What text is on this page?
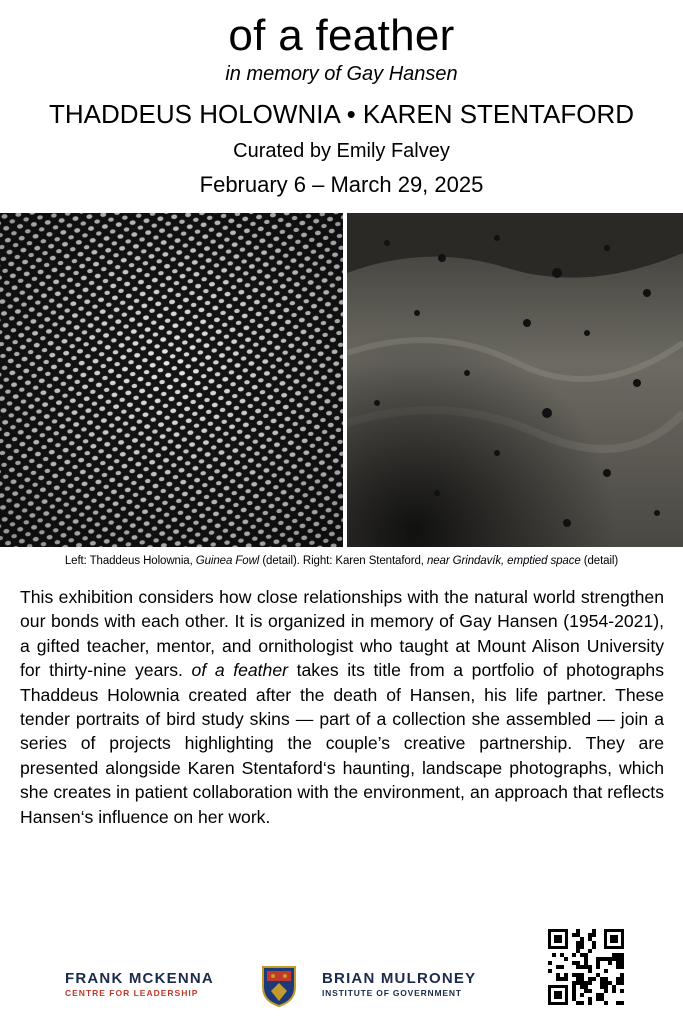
of a feather
in memory of Gay Hansen
THADDEUS HOLOWNIA • KAREN STENTAFORD
Curated by Emily Falvey
February 6 – March 29, 2025
Left: Thaddeus Holownia, Guinea Fowl (detail). Right: Karen Stentaford, near Grindavík, emptied space (detail)
This exhibition considers how close relationships with the natural world strengthen our bonds with each other. It is organized in memory of Gay Hansen (1954-2021), a gifted teacher, mentor, and ornithologist who taught at Mount Alison University for thirty-nine years. of a feather takes its title from a portfolio of photographs Thaddeus Holownia created after the death of Hansen, his life partner. These tender portraits of bird study skins — part of a collection she assembled — join a series of projects highlighting the couple’s creative partnership. They are presented alongside Karen Stentaford‘s haunting, landscape photographs, which she creates in patient collaboration with the environment, an approach that reflects Hansen‘s influence on her work.
FRANK MCKENNA
CENTRE FOR LEADERSHIP
BRIAN MULRONEY
INSTITUTE OF GOVERNMENT
